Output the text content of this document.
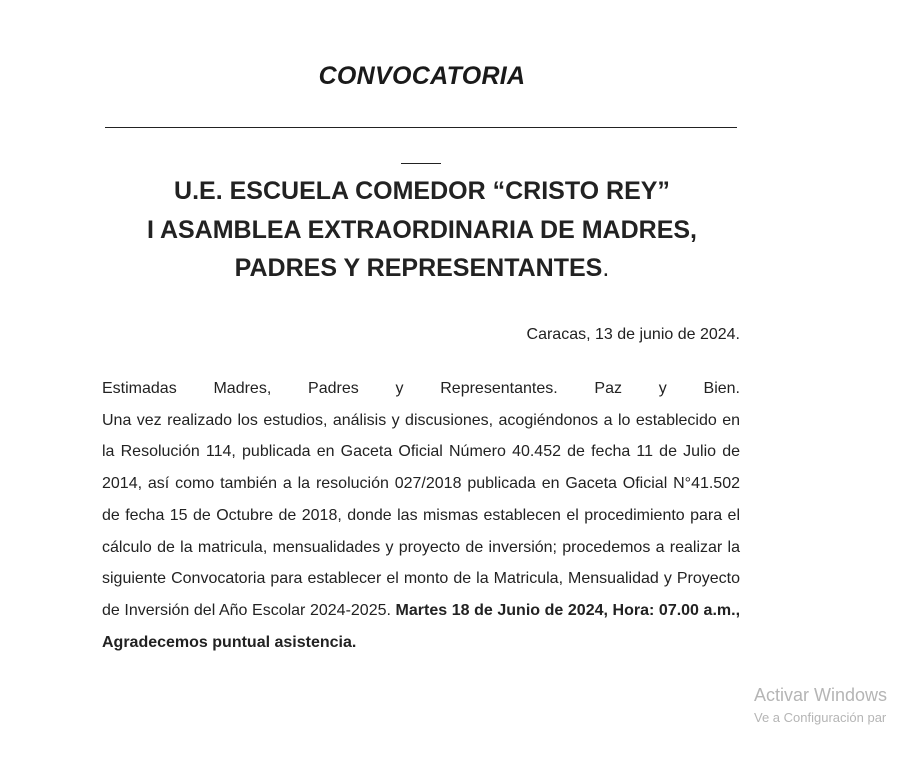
CONVOCATORIA
U.E. ESCUELA COMEDOR “CRISTO REY”
I ASAMBLEA EXTRAORDINARIA DE MADRES,
PADRES Y REPRESENTANTES.
Caracas, 13 de junio de 2024.
Estimadas Madres, Padres y Representantes. Paz y Bien.
Una vez realizado los estudios, análisis y discusiones, acogiéndonos a lo establecido en la Resolución 114, publicada en Gaceta Oficial Número 40.452 de fecha 11 de Julio de 2014, así como también a la resolución 027/2018 publicada en Gaceta Oficial N°41.502 de fecha 15 de Octubre de 2018, donde las mismas establecen el procedimiento para el cálculo de la matricula, mensualidades y proyecto de inversión; procedemos a realizar la siguiente Convocatoria para establecer el monto de la Matricula, Mensualidad y Proyecto de Inversión del Año Escolar 2024-2025. Martes 18 de Junio de 2024, Hora: 07.00 a.m., Agradecemos puntual asistencia.
Activar Windows
Ve a Configuración par
